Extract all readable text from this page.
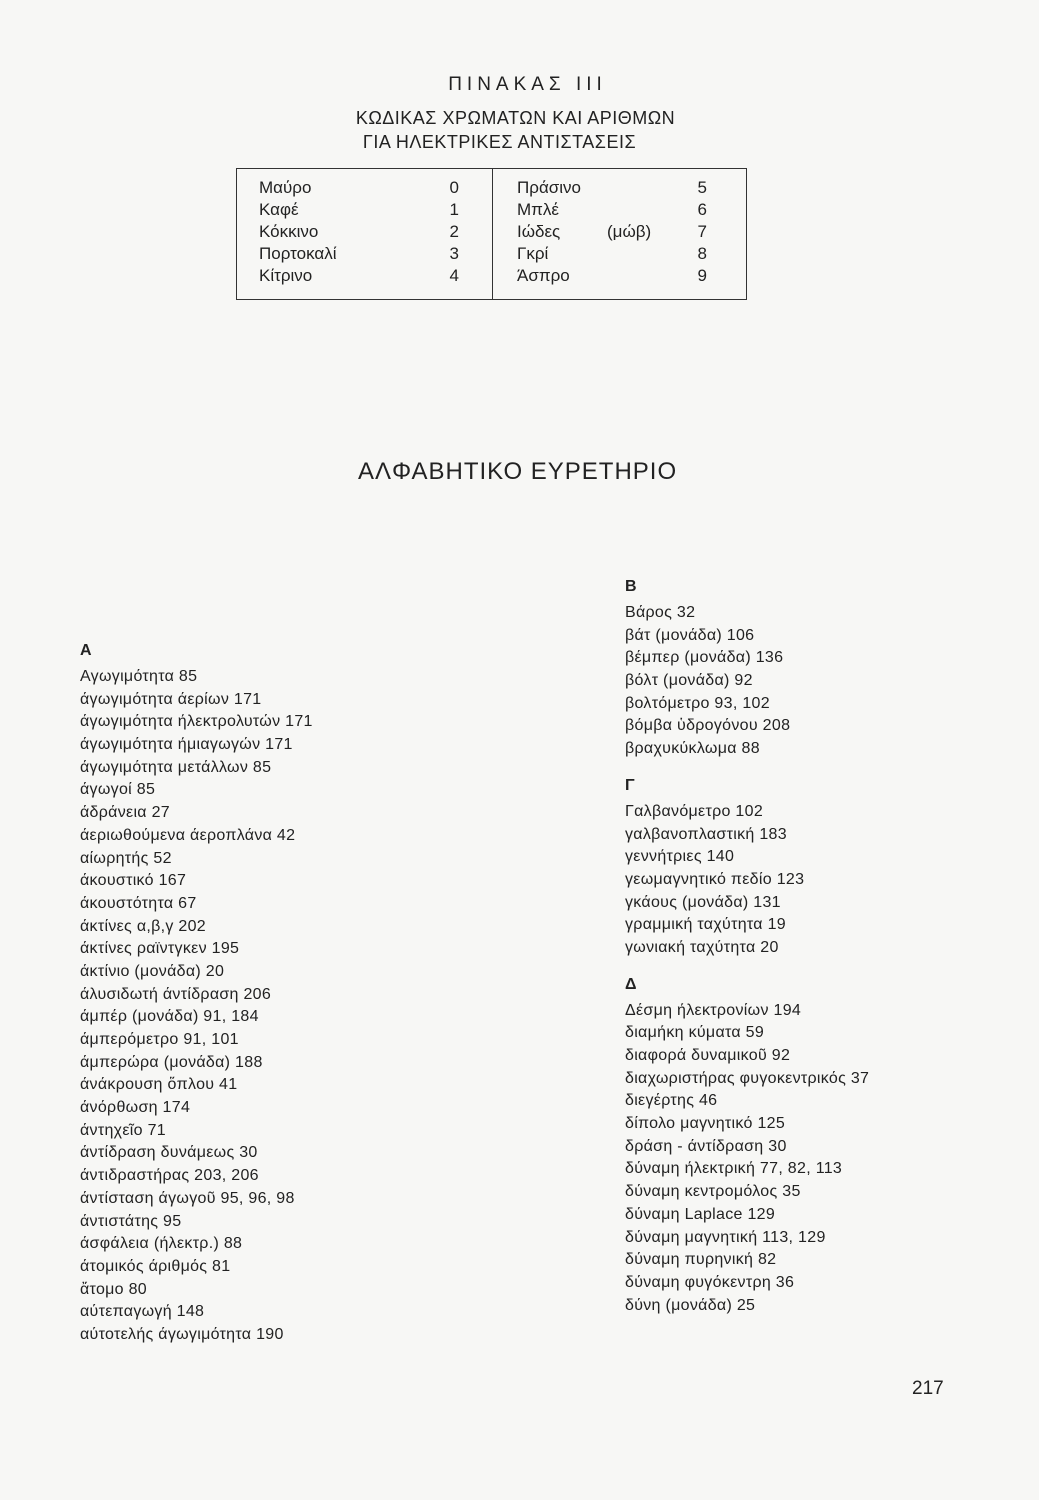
ΠΙΝΑΚΑΣ ΙΙΙ
ΚΩΔΙΚΑΣ ΧΡΩΜΑΤΩΝ ΚΑΙ ΑΡΙΘΜΩΝ
ΓΙΑ ΗΛΕΚΤΡΙΚΕΣ ΑΝΤΙΣΤΑΣΕΙΣ
Μαύρο	0
Καφέ	1
Κόκκινο	2
Πορτοκαλί	3
Κίτρινο	4
Πράσινο	5
Μπλέ	6
Ιώδες	(μώβ)	7
Γκρί	8
Άσπρο	9
ΑΛΦΑΒΗΤΙΚΟ ΕΥΡΕΤΗΡΙΟ
Α
Αγωγιμότητα 85
άγωγιμότητα άερίων 171
άγωγιμότητα ήλεκτρολυτών 171
άγωγιμότητα ήμιαγωγών 171
άγωγιμότητα μετάλλων 85
άγωγοί 85
άδράνεια 27
άεριωθούμενα άεροπλάνα 42
αίωρητής 52
άκουστικό 167
άκουστότητα 67
άκτίνες α,β,γ 202
άκτίνες ραϊντγκεν 195
άκτίνιο (μονάδα) 20
άλυσιδωτή άντίδραση 206
άμπέρ (μονάδα) 91, 184
άμπερόμετρο 91, 101
άμπερώρα (μονάδα) 188
άνάκρουση ὅπλου 41
άνόρθωση 174
άντηχεῖο 71
άντίδραση δυνάμεως 30
άντιδραστήρας 203, 206
άντίσταση άγωγοῦ 95, 96, 98
άντιστάτης 95
άσφάλεια (ήλεκτρ.) 88
άτομικός άριθμός 81
ἄτομο 80
αύτεπαγωγή 148
αύτοτελής άγωγιμότητα 190
Β
Βάρος 32
βάτ (μονάδα) 106
βέμπερ (μονάδα) 136
βόλτ (μονάδα) 92
βολτόμετρο 93, 102
βόμβα ὑδρογόνου 208
βραχυκύκλωμα 88
Γ
Γαλβανόμετρο 102
γαλβανοπλαστική 183
γεννήτριες 140
γεωμαγνητικό πεδίο 123
γκάους (μονάδα) 131
γραμμική ταχύτητα 19
γωνιακή ταχύτητα 20
Δ
Δέσμη ήλεκτρονίων 194
διαμήκη κύματα 59
διαφορά δυναμικοῦ 92
διαχωριστήρας φυγοκεντρικός 37
διεγέρτης 46
δίπολο μαγνητικό 125
δράση - άντίδραση 30
δύναμη ήλεκτρική 77, 82, 113
δύναμη κεντρομόλος 35
δύναμη Laplace 129
δύναμη μαγνητική 113, 129
δύναμη πυρηνική 82
δύναμη φυγόκεντρη 36
δύνη (μονάδα) 25
217
